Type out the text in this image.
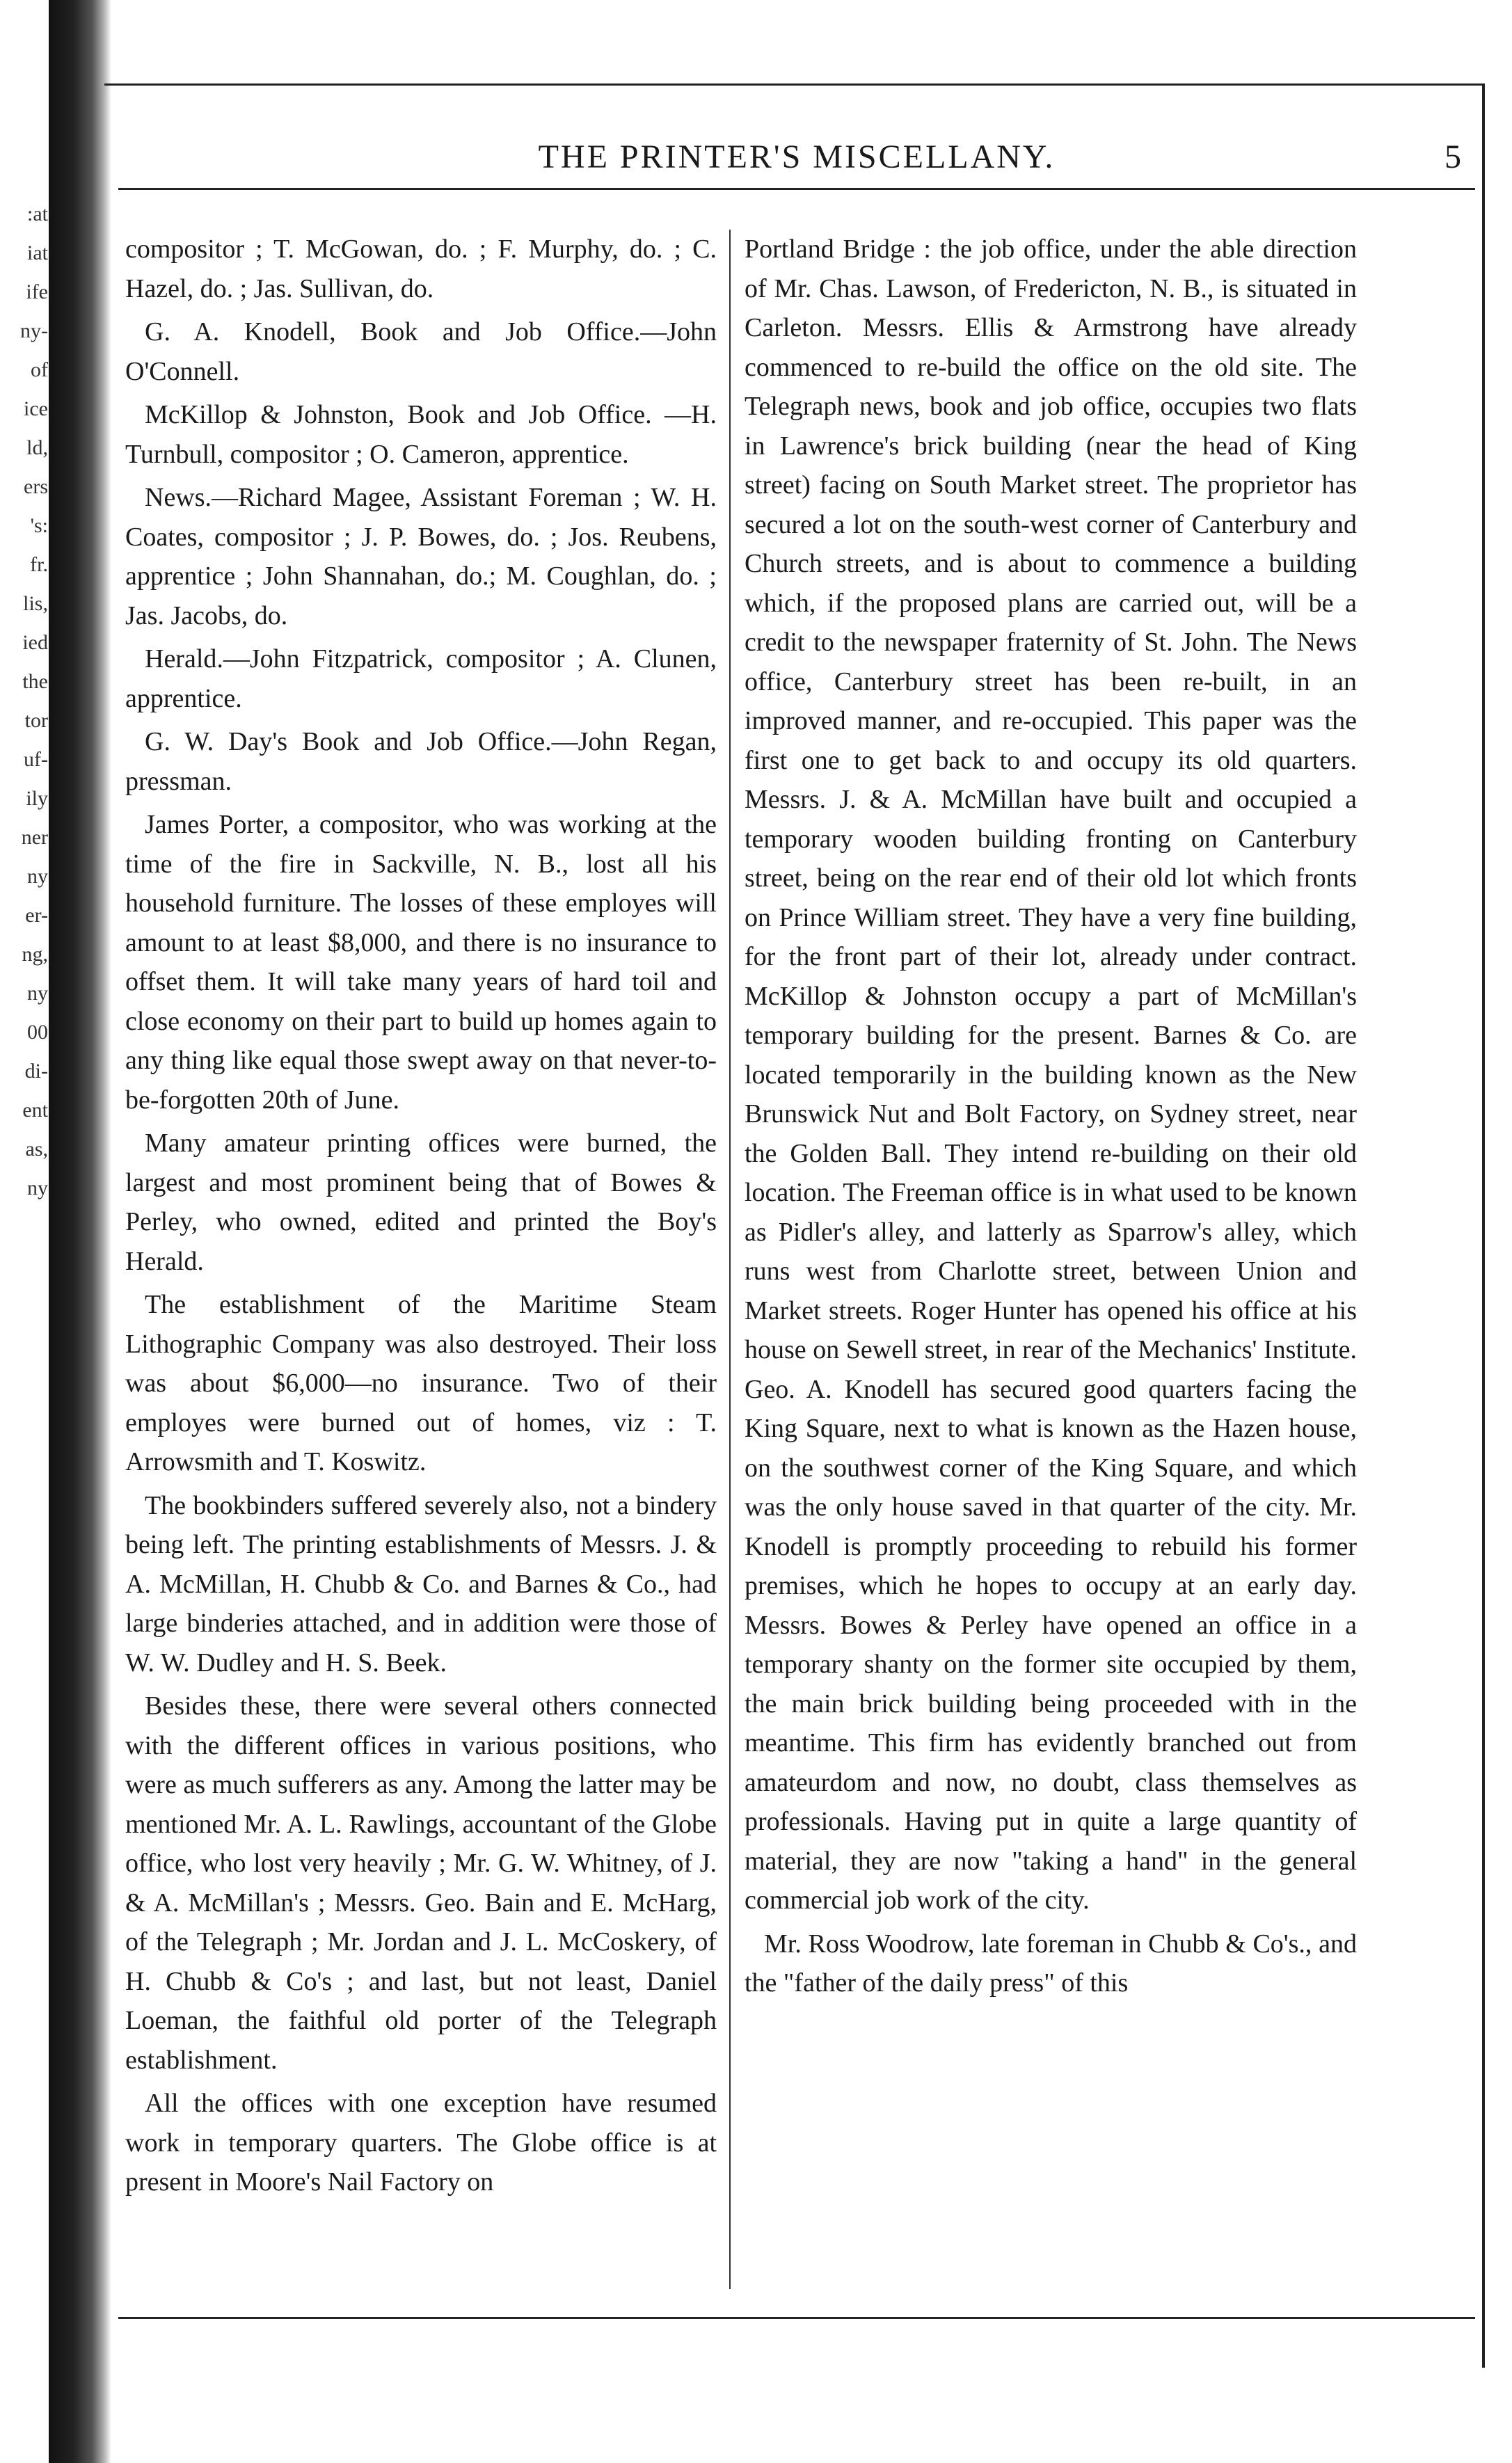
:at
iat
ife
ny-
of
ice
ld,
ers
's:
fr.
lis,
ied
the
tor
uf-
ily
ner
ny
er-
ng,
ny
00
di-
ent
as,
ny
THE PRINTER'S MISCELLANY.	5

compositor ; T. McGowan, do. ; F. Murphy, do. ; C. Hazel, do. ; Jas. Sullivan, do.

G. A. Knodell, Book and Job Office.—John O'Connell.

McKillop & Johnston, Book and Job Office. —H. Turnbull, compositor ; O. Cameron, apprentice.

News.—Richard Magee, Assistant Foreman ; W. H. Coates, compositor ; J. P. Bowes, do. ; Jos. Reubens, apprentice ; John Shannahan, do.; M. Coughlan, do. ; Jas. Jacobs, do.

Herald.—John Fitzpatrick, compositor ; A. Clunen, apprentice.

G. W. Day's Book and Job Office.—John Regan, pressman.

James Porter, a compositor, who was working at the time of the fire in Sackville, N. B., lost all his household furniture. The losses of these employes will amount to at least $8,000, and there is no insurance to offset them. It will take many years of hard toil and close economy on their part to build up homes again to any thing like equal those swept away on that never-to-be-forgotten 20th of June.

Many amateur printing offices were burned, the largest and most prominent being that of Bowes & Perley, who owned, edited and printed the Boy's Herald.

The establishment of the Maritime Steam Lithographic Company was also destroyed. Their loss was about $6,000—no insurance. Two of their employes were burned out of homes, viz : T. Arrowsmith and T. Koswitz.

The bookbinders suffered severely also, not a bindery being left. The printing establishments of Messrs. J. & A. McMillan, H. Chubb & Co. and Barnes & Co., had large binderies attached, and in addition were those of W. W. Dudley and H. S. Beek.

Besides these, there were several others connected with the different offices in various positions, who were as much sufferers as any. Among the latter may be mentioned Mr. A. L. Rawlings, accountant of the Globe office, who lost very heavily ; Mr. G. W. Whitney, of J. & A. McMillan's ; Messrs. Geo. Bain and E. McHarg, of the Telegraph ; Mr. Jordan and J. L. McCoskery, of H. Chubb & Co's ; and last, but not least, Daniel Loeman, the faithful old porter of the Telegraph establishment.

All the offices with one exception have resumed work in temporary quarters. The Globe office is at present in Moore's Nail Factory on

Portland Bridge : the job office, under the able direction of Mr. Chas. Lawson, of Fredericton, N. B., is situated in Carleton. Messrs. Ellis & Armstrong have already commenced to re-build the office on the old site. The Telegraph news, book and job office, occupies two flats in Lawrence's brick building (near the head of King street) facing on South Market street. The proprietor has secured a lot on the south-west corner of Canterbury and Church streets, and is about to commence a building which, if the proposed plans are carried out, will be a credit to the newspaper fraternity of St. John. The News office, Canterbury street has been re-built, in an improved manner, and re-occupied. This paper was the first one to get back to and occupy its old quarters. Messrs. J. & A. McMillan have built and occupied a temporary wooden building fronting on Canterbury street, being on the rear end of their old lot which fronts on Prince William street. They have a very fine building, for the front part of their lot, already under contract. McKillop & Johnston occupy a part of McMillan's temporary building for the present. Barnes & Co. are located temporarily in the building known as the New Brunswick Nut and Bolt Factory, on Sydney street, near the Golden Ball. They intend re-building on their old location. The Freeman office is in what used to be known as Pidler's alley, and latterly as Sparrow's alley, which runs west from Charlotte street, between Union and Market streets. Roger Hunter has opened his office at his house on Sewell street, in rear of the Mechanics' Institute. Geo. A. Knodell has secured good quarters facing the King Square, next to what is known as the Hazen house, on the southwest corner of the King Square, and which was the only house saved in that quarter of the city. Mr. Knodell is promptly proceeding to rebuild his former premises, which he hopes to occupy at an early day. Messrs. Bowes & Perley have opened an office in a temporary shanty on the former site occupied by them, the main brick building being proceeded with in the meantime. This firm has evidently branched out from amateurdom and now, no doubt, class themselves as professionals. Having put in quite a large quantity of material, they are now "taking a hand" in the general commercial job work of the city.

Mr. Ross Woodrow, late foreman in Chubb & Co's., and the "father of the daily press" of this
